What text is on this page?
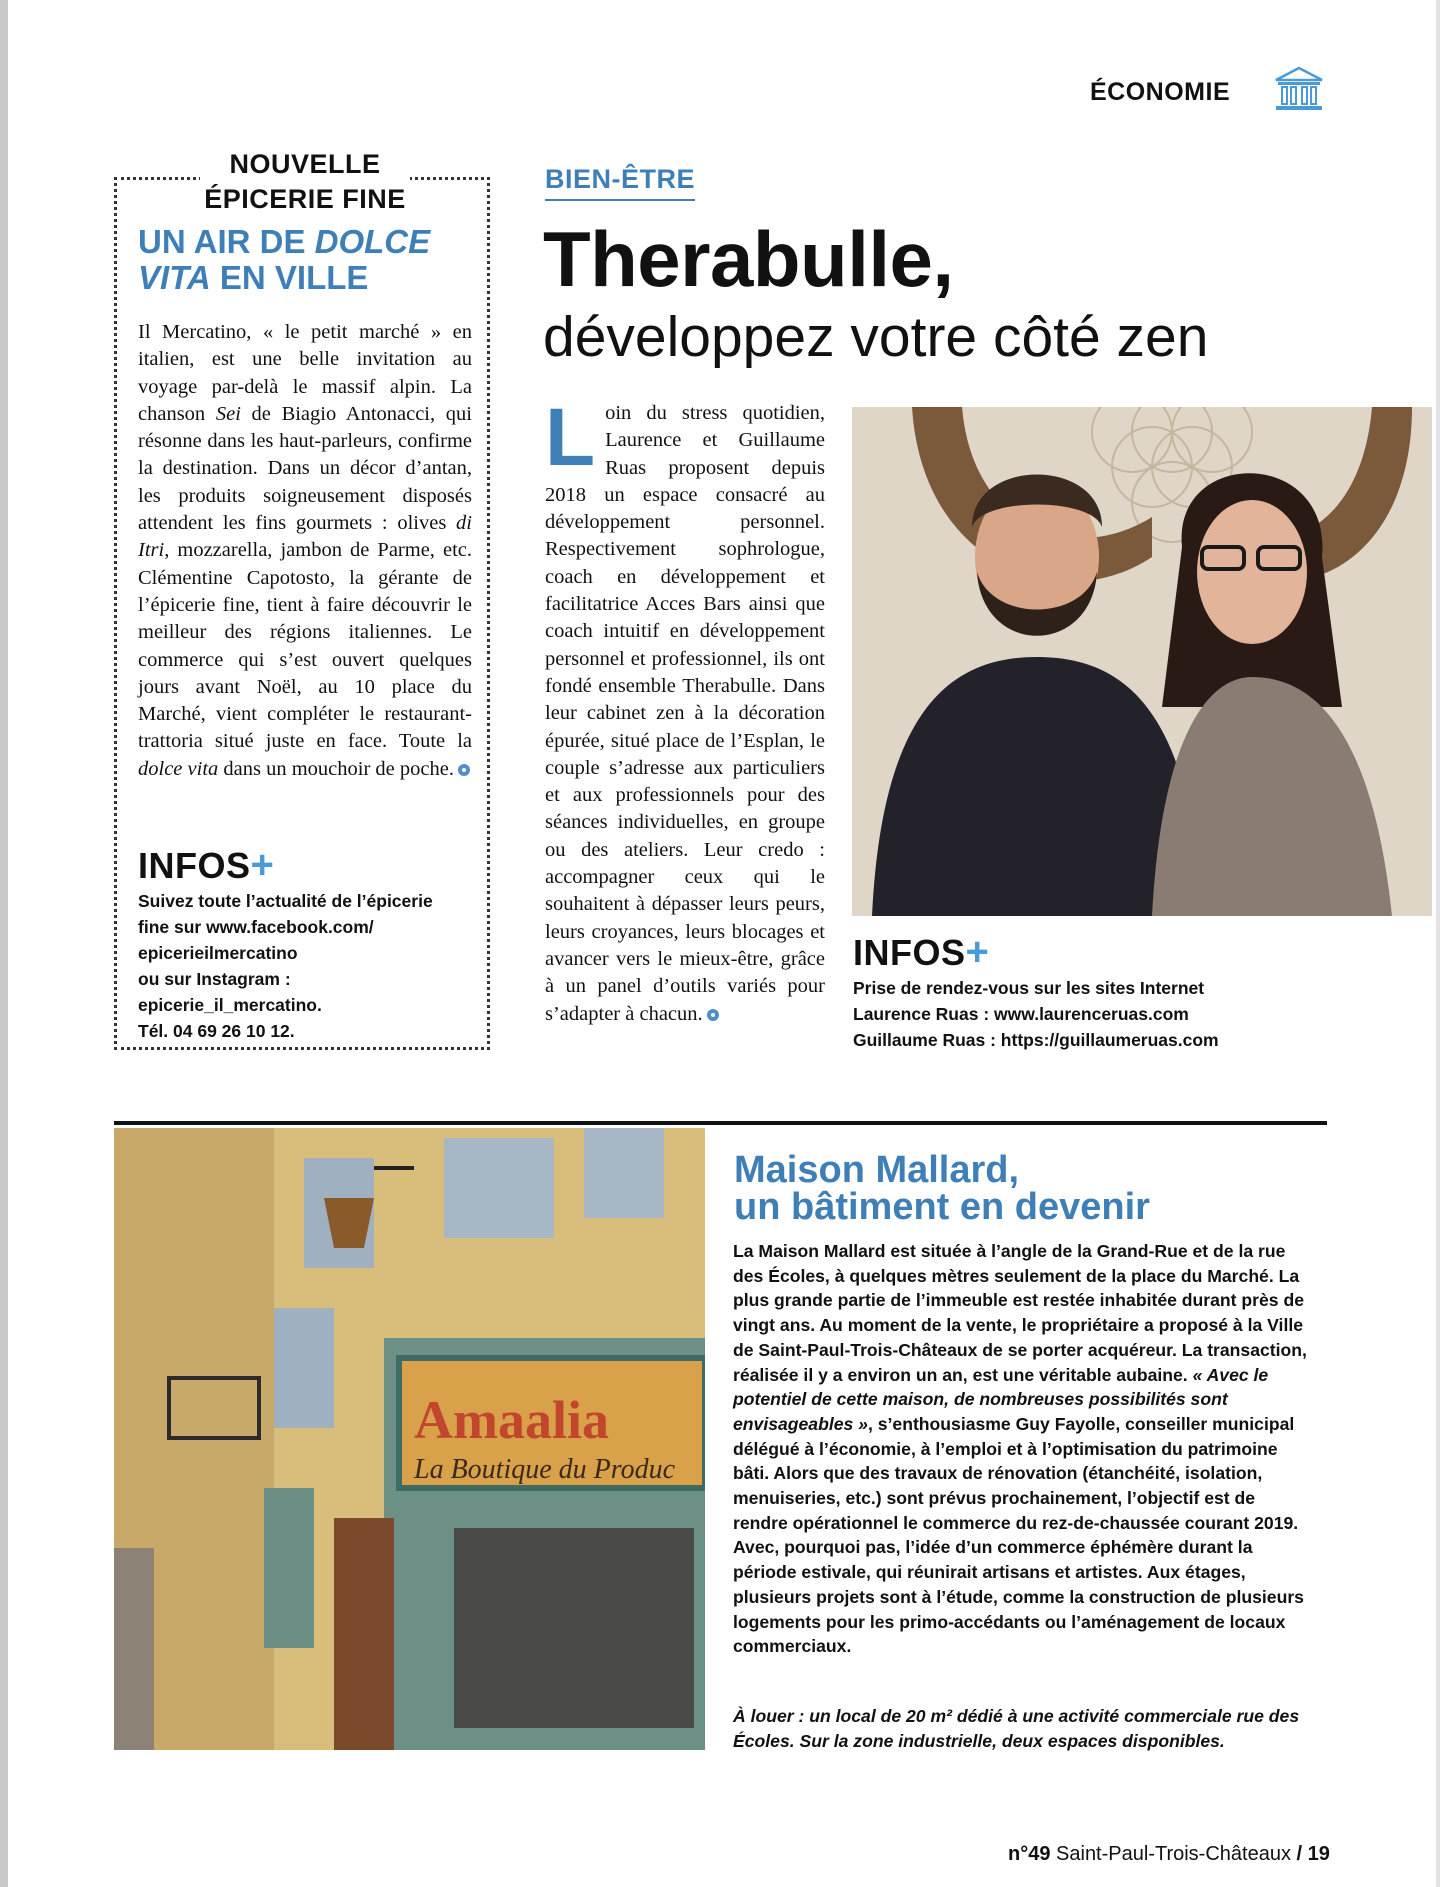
ÉCONOMIE
NOUVELLE
ÉPICERIE FINE
UN AIR DE DOLCE VITA EN VILLE
Il Mercatino, « le petit marché » en italien, est une belle invitation au voyage par-delà le massif alpin. La chanson Sei de Biagio Antonacci, qui résonne dans les haut-parleurs, confirme la destination. Dans un décor d’antan, les produits soigneusement disposés attendent les fins gourmets : olives di Itri, mozzarella, jambon de Parme, etc. Clémentine Capotosto, la gérante de l’épicerie fine, tient à faire découvrir le meilleur des régions italiennes. Le commerce qui s’est ouvert quelques jours avant Noël, au 10 place du Marché, vient compléter le restaurant-trattoria situé juste en face. Toute la dolce vita dans un mouchoir de poche.
INFOS+
Suivez toute l’actualité de l’épicerie
fine sur www.facebook.com/
epicerieilmercatino
ou sur Instagram :
epicerie_il_mercatino.
Tél. 04 69 26 10 12.
BIEN-ÊTRE
Therabulle,
développez votre côté zen
Loin du stress quotidien, Laurence et Guillaume Ruas proposent depuis 2018 un espace consacré au développement personnel. Respectivement sophrologue, coach en développement et facilitatrice Acces Bars ainsi que coach intuitif en développement personnel et professionnel, ils ont fondé ensemble Therabulle. Dans leur cabinet zen à la décoration épurée, situé place de l’Esplan, le couple s’adresse aux particuliers et aux professionnels pour des séances individuelles, en groupe ou des ateliers. Leur credo : accompagner ceux qui le souhaitent à dépasser leurs peurs, leurs croyances, leurs blocages et avancer vers le mieux-être, grâce à un panel d’outils variés pour s’adapter à chacun.
INFOS+
Prise de rendez-vous sur les sites Internet
Laurence Ruas : www.laurenceruas.com
Guillaume Ruas : https://guillaumeruas.com
Amaalia
La Boutique du Produc
Maison Mallard,
un bâtiment en devenir
La Maison Mallard est située à l’angle de la Grand-Rue et de la rue des Écoles, à quelques mètres seulement de la place du Marché. La plus grande partie de l’immeuble est restée inhabitée durant près de vingt ans. Au moment de la vente, le propriétaire a proposé à la Ville de Saint-Paul-Trois-Châteaux de se porter acquéreur. La transaction, réalisée il y a environ un an, est une véritable aubaine. « Avec le potentiel de cette maison, de nombreuses possibilités sont envisageables », s’enthousiasme Guy Fayolle, conseiller municipal délégué à l’économie, à l’emploi et à l’optimisation du patrimoine bâti. Alors que des travaux de rénovation (étanchéité, isolation, menuiseries, etc.) sont prévus prochainement, l’objectif est de rendre opérationnel le commerce du rez-de-chaussée courant 2019. Avec, pourquoi pas, l’idée d’un commerce éphémère durant la période estivale, qui réunirait artisans et artistes. Aux étages, plusieurs projets sont à l’étude, comme la construction de plusieurs logements pour les primo-accédants ou l’aménagement de locaux commerciaux.
À louer : un local de 20 m² dédié à une activité commerciale rue des Écoles. Sur la zone industrielle, deux espaces disponibles.
n°49 Saint-Paul-Trois-Châteaux / 19
